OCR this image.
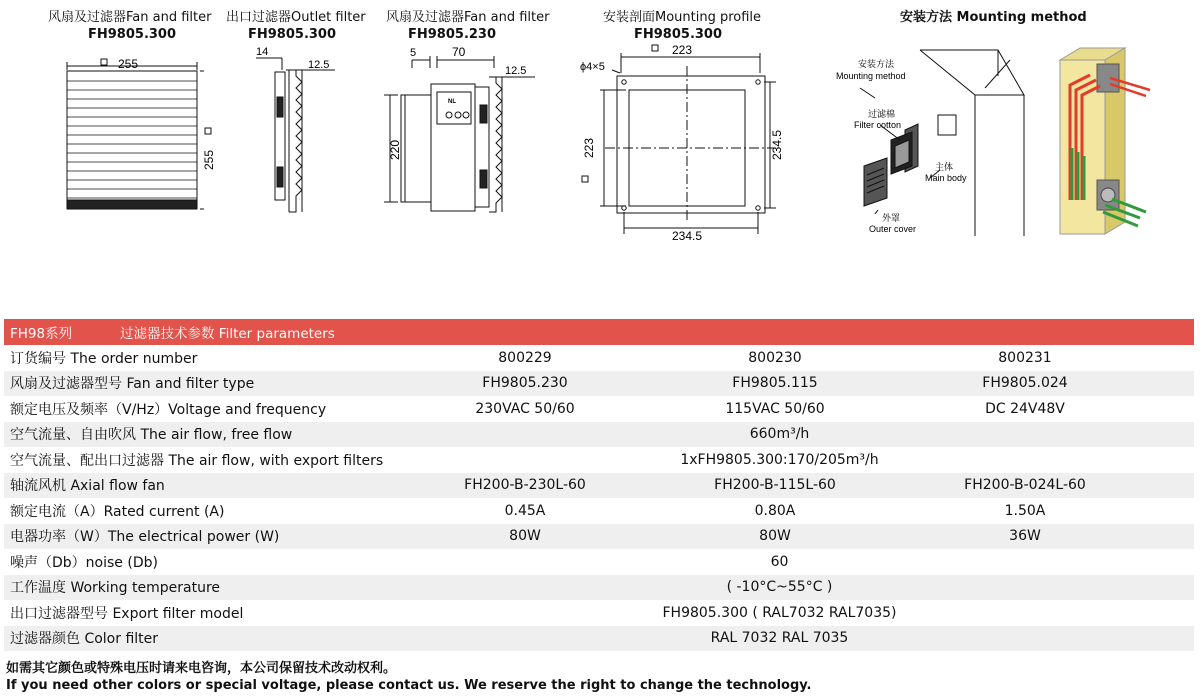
风扇及过滤器Fan and filter
FH9805.300
出口过滤器Outlet filter
FH9805.300
风扇及过滤器Fan and filter
FH9805.230
安装剖面Mounting profile
FH9805.300
安装方法 Mounting method
255
255
14
12.5
5	70
12.5
NL
220
ϕ4×5
223
223	234.5
234.5
安装方法
Mounting method
过滤棉
Filter cotton
主体
Main body
外罩
Outer cover
FH98系列	过滤器技术参数 Filter parameters
订货编号 The order number	800229	800230	800231
风扇及过滤器型号 Fan and filter type	FH9805.230	FH9805.115	FH9805.024
额定电压及频率（V/Hz）Voltage and frequency	230VAC 50/60	115VAC 50/60	DC 24V48V
空气流量、自由吹风 The air flow, free flow	660m³/h
空气流量、配出口过滤器 The air flow, with export filters	1xFH9805.300:170/205m³/h
轴流风机 Axial flow fan	FH200-B-230L-60	FH200-B-115L-60	FH200-B-024L-60
额定电流（A）Rated current (A)	0.45A	0.80A	1.50A
电器功率（W）The electrical power (W)	80W	80W	36W
噪声（Db）noise (Db)	60
工作温度 Working temperature	( -10°C~55°C )
出口过滤器型号 Export filter model	FH9805.300 ( RAL7032 RAL7035)
过滤器颜色 Color filter	RAL 7032 RAL 7035
如需其它颜色或特殊电压时请来电咨询，本公司保留技术改动权利。
If you need other colors or special voltage, please contact us. We reserve the right to change the technology.
